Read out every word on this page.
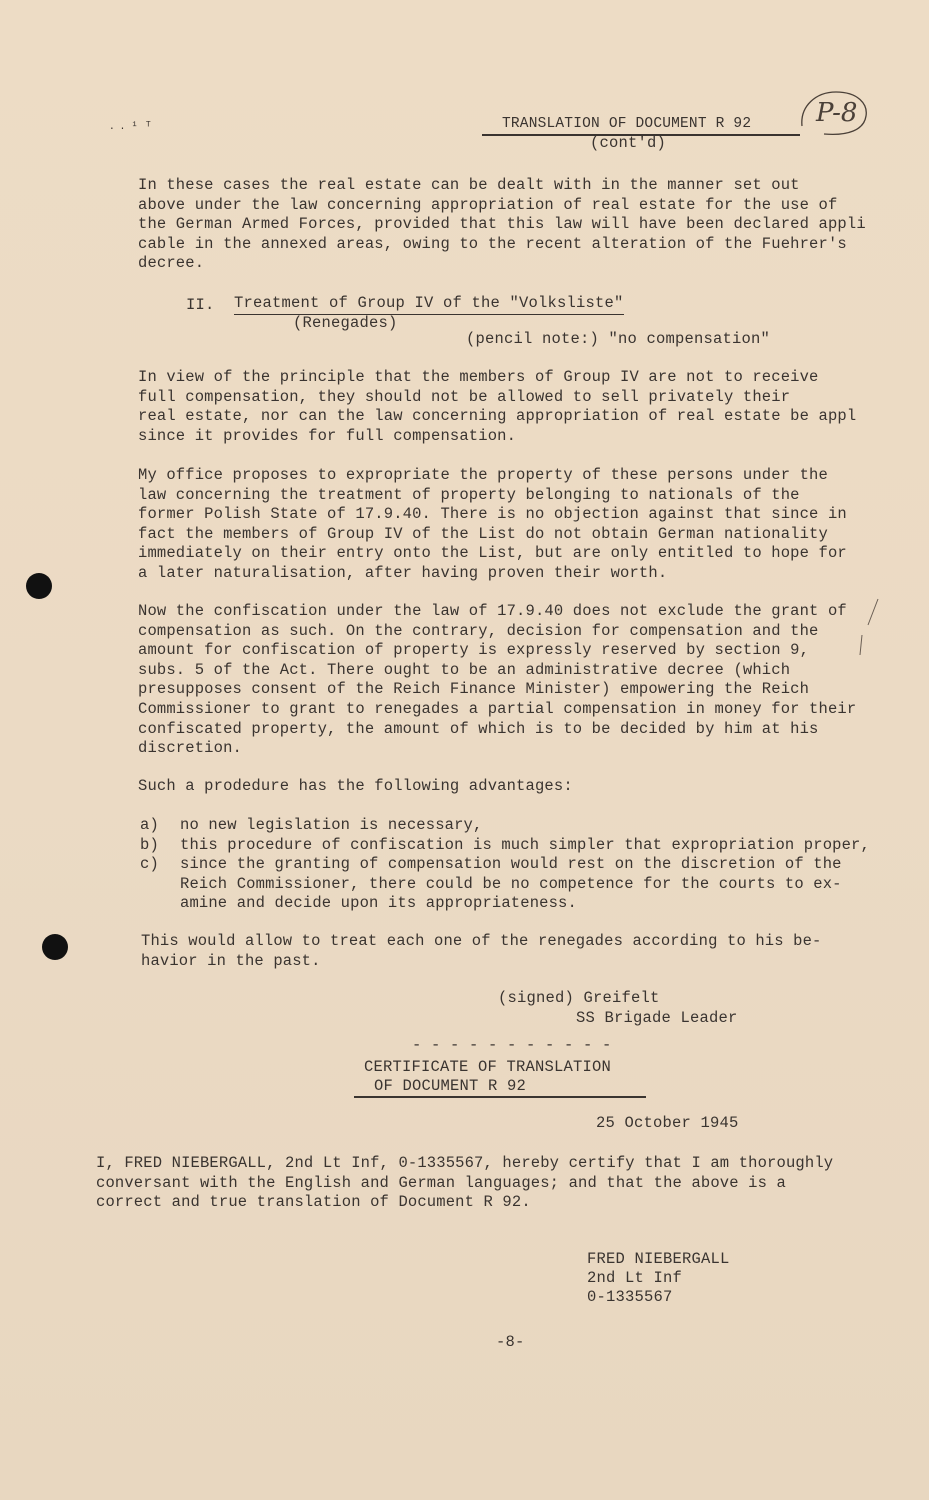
․ ․ ¹ ᵀ	TRANSLATION OF DOCUMENT R 92
(cont'd)
P-8
In these cases the real estate can be dealt with in the manner set out
above under the law concerning appropriation of real estate for the use of
the German Armed Forces, provided that this law will have been declared appli
cable in the annexed areas, owing to the recent alteration of the Fuehrer's
decree.
II. Treatment of Group IV of the "Volksliste"
(Renegades)
(pencil note:) "no compensation"
In view of the principle that the members of Group IV are not to receive
full compensation, they should not be allowed to sell privately their
real estate, nor can the law concerning appropriation of real estate be appl
since it provides for full compensation.
My office proposes to expropriate the property of these persons under the
law concerning the treatment of property belonging to nationals of the
former Polish State of 17.9.40. There is no objection against that since in
fact the members of Group IV of the List do not obtain German nationality
immediately on their entry onto the List, but are only entitled to hope for
a later naturalisation, after having proven their worth.
Now the confiscation under the law of 17.9.40 does not exclude the grant of
compensation as such. On the contrary, decision for compensation and the
amount for confiscation of property is expressly reserved by section 9,
subs. 5 of the Act. There ought to be an administrative decree (which
presupposes consent of the Reich Finance Minister) empowering the Reich
Commissioner to grant to renegades a partial compensation in money for their
confiscated property, the amount of which is to be decided by him at his
discretion.
Such a prodedure has the following advantages:
a) no new legislation is necessary,
b) this procedure of confiscation is much simpler that expropriation proper,
c) since the granting of compensation would rest on the discretion of the
Reich Commissioner, there could be no competence for the courts to ex-
amine and decide upon its appropriateness.
This would allow to treat each one of the renegades according to his be-
havior in the past.
(signed) Greifelt
SS Brigade Leader
- - - - - - - - - - -
CERTIFICATE OF TRANSLATION
OF DOCUMENT R 92
25 October 1945
I, FRED NIEBERGALL, 2nd Lt Inf, 0-1335567, hereby certify that I am thoroughly
conversant with the English and German languages; and that the above is a
correct and true translation of Document R 92.
FRED NIEBERGALL
2nd Lt Inf
0-1335567
-8-
